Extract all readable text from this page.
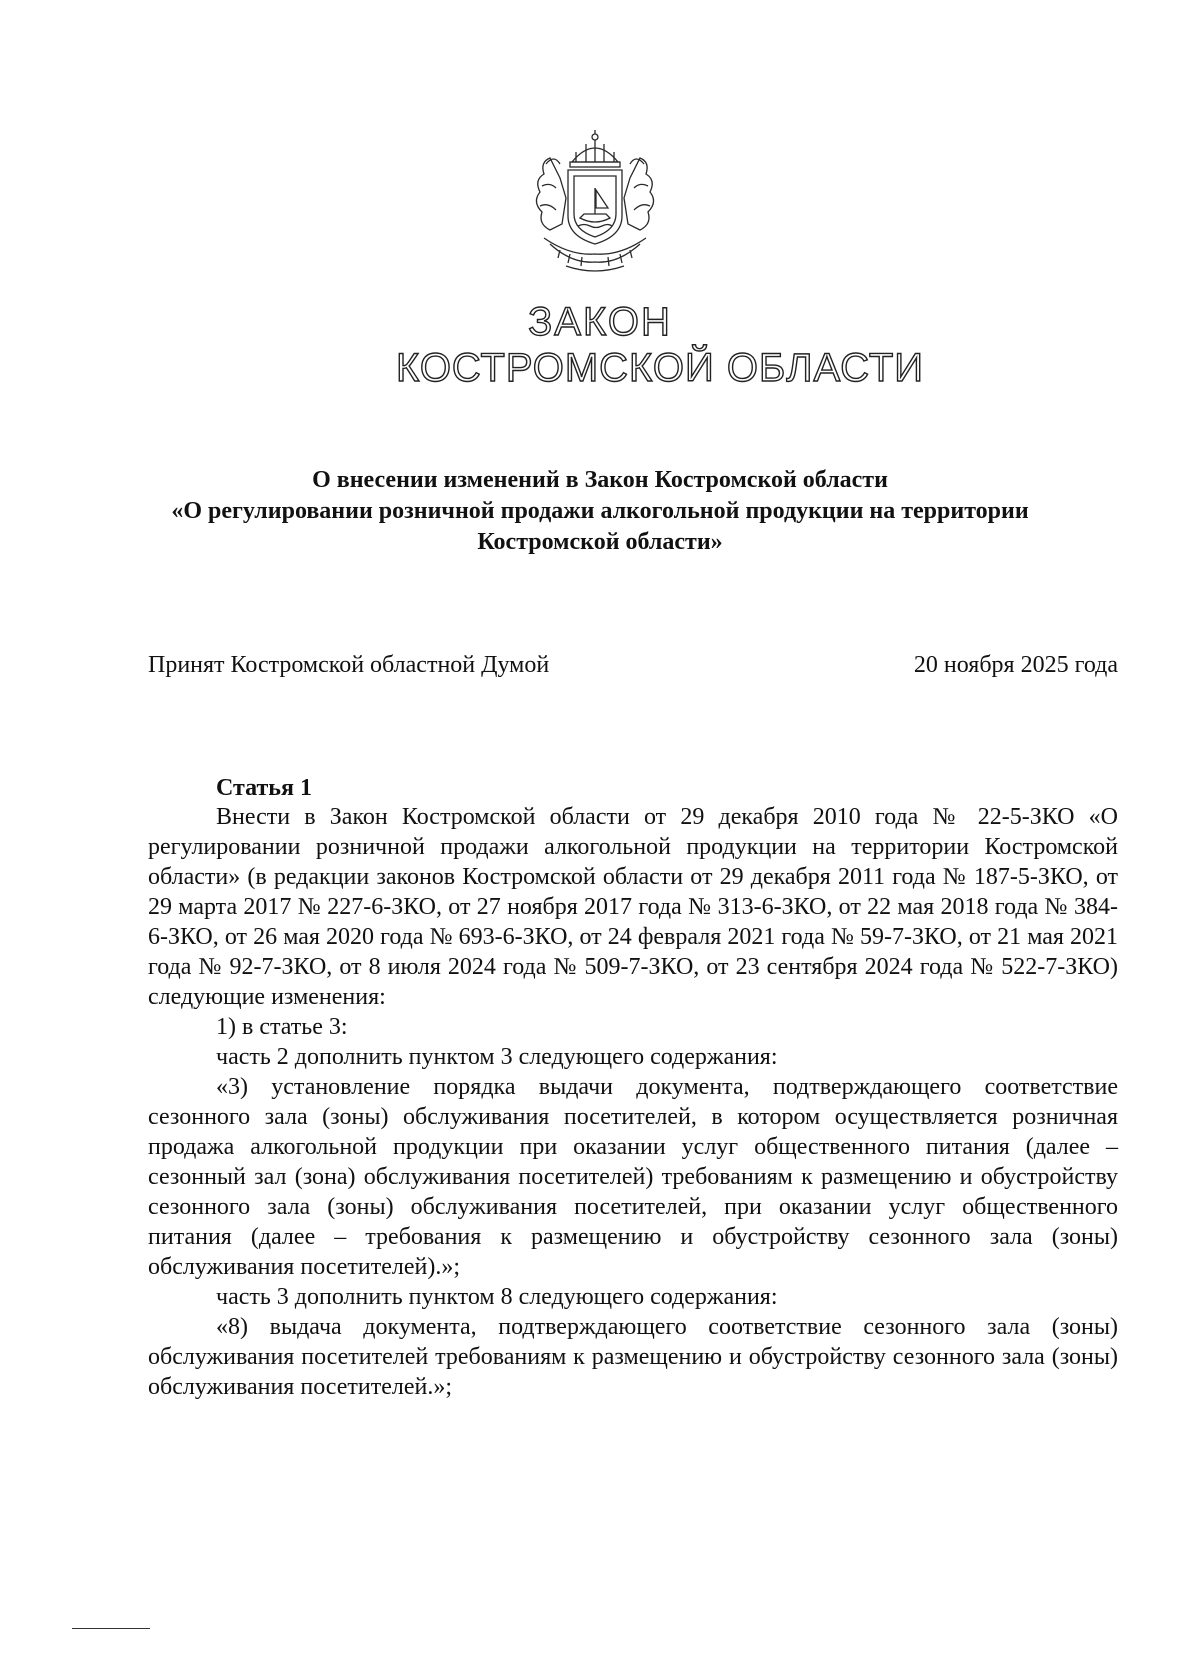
ЗАКОН
КОСТРОМСКОЙ ОБЛАСТИ
О внесении изменений в Закон Костромской области
«О регулировании розничной продажи алкогольной продукции на территории
Костромской области»
Принят Костромской областной Думой	20 ноября 2025 года
Статья 1

Внести в Закон Костромской области от 29 декабря 2010 года № 22-5-ЗКО «О регулировании розничной продажи алкогольной продукции на территории Костромской области» (в редакции законов Костромской области от 29 декабря 2011 года № 187-5-ЗКО, от 29 марта 2017 № 227-6-ЗКО, от 27 ноября 2017 года № 313-6-ЗКО, от 22 мая 2018 года № 384-6-ЗКО, от 26 мая 2020 года № 693-6-ЗКО, от 24 февраля 2021 года № 59-7-ЗКО, от 21 мая 2021 года № 92-7-ЗКО, от 8 июля 2024 года № 509-7-ЗКО, от 23 сентября 2024 года № 522-7-ЗКО) следующие изменения:

1) в статье 3:

часть 2 дополнить пунктом 3 следующего содержания:

«3) установление порядка выдачи документа, подтверждающего соответствие сезонного зала (зоны) обслуживания посетителей, в котором осуществляется розничная продажа алкогольной продукции при оказании услуг общественного питания (далее – сезонный зал (зона) обслуживания посетителей) требованиям к размещению и обустройству сезонного зала (зоны) обслуживания посетителей, при оказании услуг общественного питания (далее – требования к размещению и обустройству сезонного зала (зоны) обслуживания посетителей).»;

часть 3 дополнить пунктом 8 следующего содержания:

«8) выдача документа, подтверждающего соответствие сезонного зала (зоны) обслуживания посетителей требованиям к размещению и обустройству сезонного зала (зоны) обслуживания посетителей.»;
